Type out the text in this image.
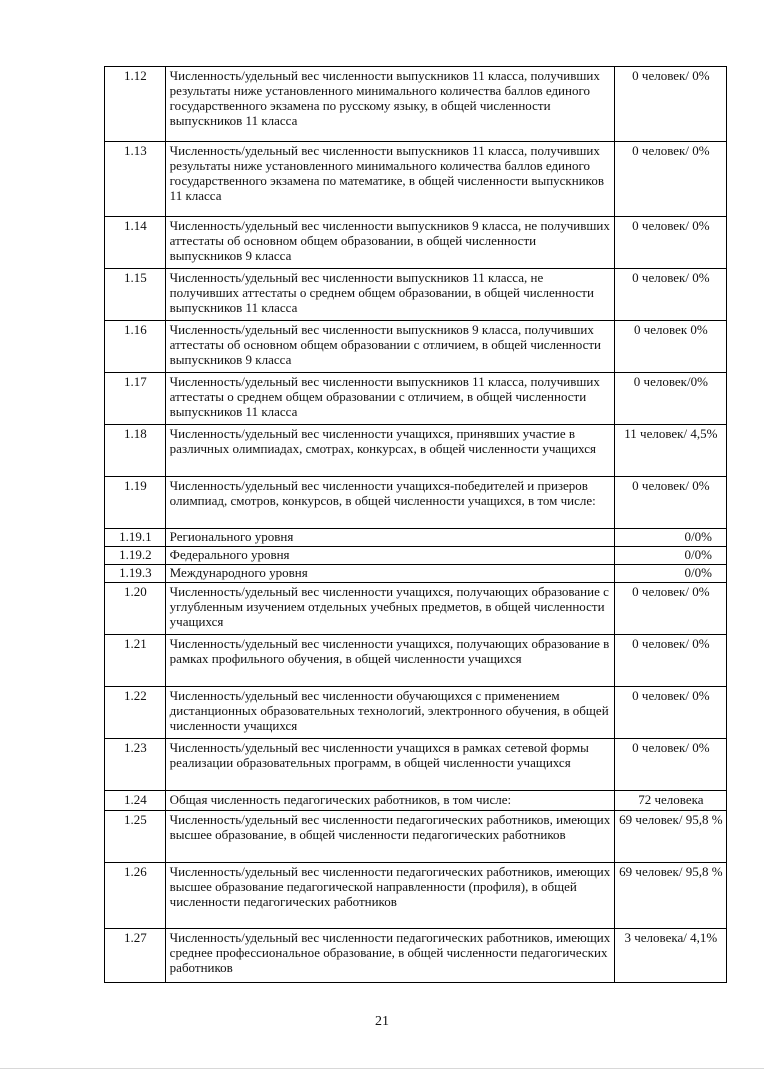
1.12	Численность/удельный вес численности выпускников 11 класса, получивших результаты ниже установленного минимального количества баллов единого государственного экзамена по русскому языку, в общей численности выпускников 11 класса	0 человек/ 0%
1.13	Численность/удельный вес численности выпускников 11 класса, получивших результаты ниже установленного минимального количества баллов единого государственного экзамена по математике, в общей численности выпускников 11 класса	0 человек/ 0%
1.14	Численность/удельный вес численности выпускников 9 класса, не получивших аттестаты об основном общем образовании, в общей численности выпускников 9 класса	0 человек/ 0%
1.15	Численность/удельный вес численности выпускников 11 класса, не получивших аттестаты о среднем общем образовании, в общей численности выпускников 11 класса	0 человек/ 0%
1.16	Численность/удельный вес численности выпускников 9 класса, получивших аттестаты об основном общем образовании с отличием, в общей численности выпускников 9 класса	0 человек 0%
1.17	Численность/удельный вес численности выпускников 11 класса, получивших аттестаты о среднем общем образовании с отличием, в общей численности выпускников 11 класса	0 человек/0%
1.18	Численность/удельный вес численности учащихся, принявших участие в различных олимпиадах, смотрах, конкурсах, в общей численности учащихся	11 человек/ 4,5%
1.19	Численность/удельный вес численности учащихся-победителей и призеров олимпиад, смотров, конкурсов, в общей численности учащихся, в том числе:	0 человек/ 0%
1.19.1	Регионального уровня	0/0%
1.19.2	Федерального уровня	0/0%
1.19.3	Международного уровня	0/0%
1.20	Численность/удельный вес численности учащихся, получающих образование с углубленным изучением отдельных учебных предметов, в общей численности учащихся	0 человек/ 0%
1.21	Численность/удельный вес численности учащихся, получающих образование в рамках профильного обучения, в общей численности учащихся	0 человек/ 0%
1.22	Численность/удельный вес численности обучающихся с применением дистанционных образовательных технологий, электронного обучения, в общей численности учащихся	0 человек/ 0%
1.23	Численность/удельный вес численности учащихся в рамках сетевой формы реализации образовательных программ, в общей численности учащихся	0 человек/ 0%
1.24	Общая численность педагогических работников, в том числе:	72 человека
1.25	Численность/удельный вес численности педагогических работников, имеющих высшее образование, в общей численности педагогических работников	69 человек/ 95,8 %
1.26	Численность/удельный вес численности педагогических работников, имеющих высшее образование педагогической направленности (профиля), в общей численности педагогических работников	69 человек/ 95,8 %
1.27	Численность/удельный вес численности педагогических работников, имеющих среднее профессиональное образование, в общей численности педагогических работников	3 человека/ 4,1%
21
